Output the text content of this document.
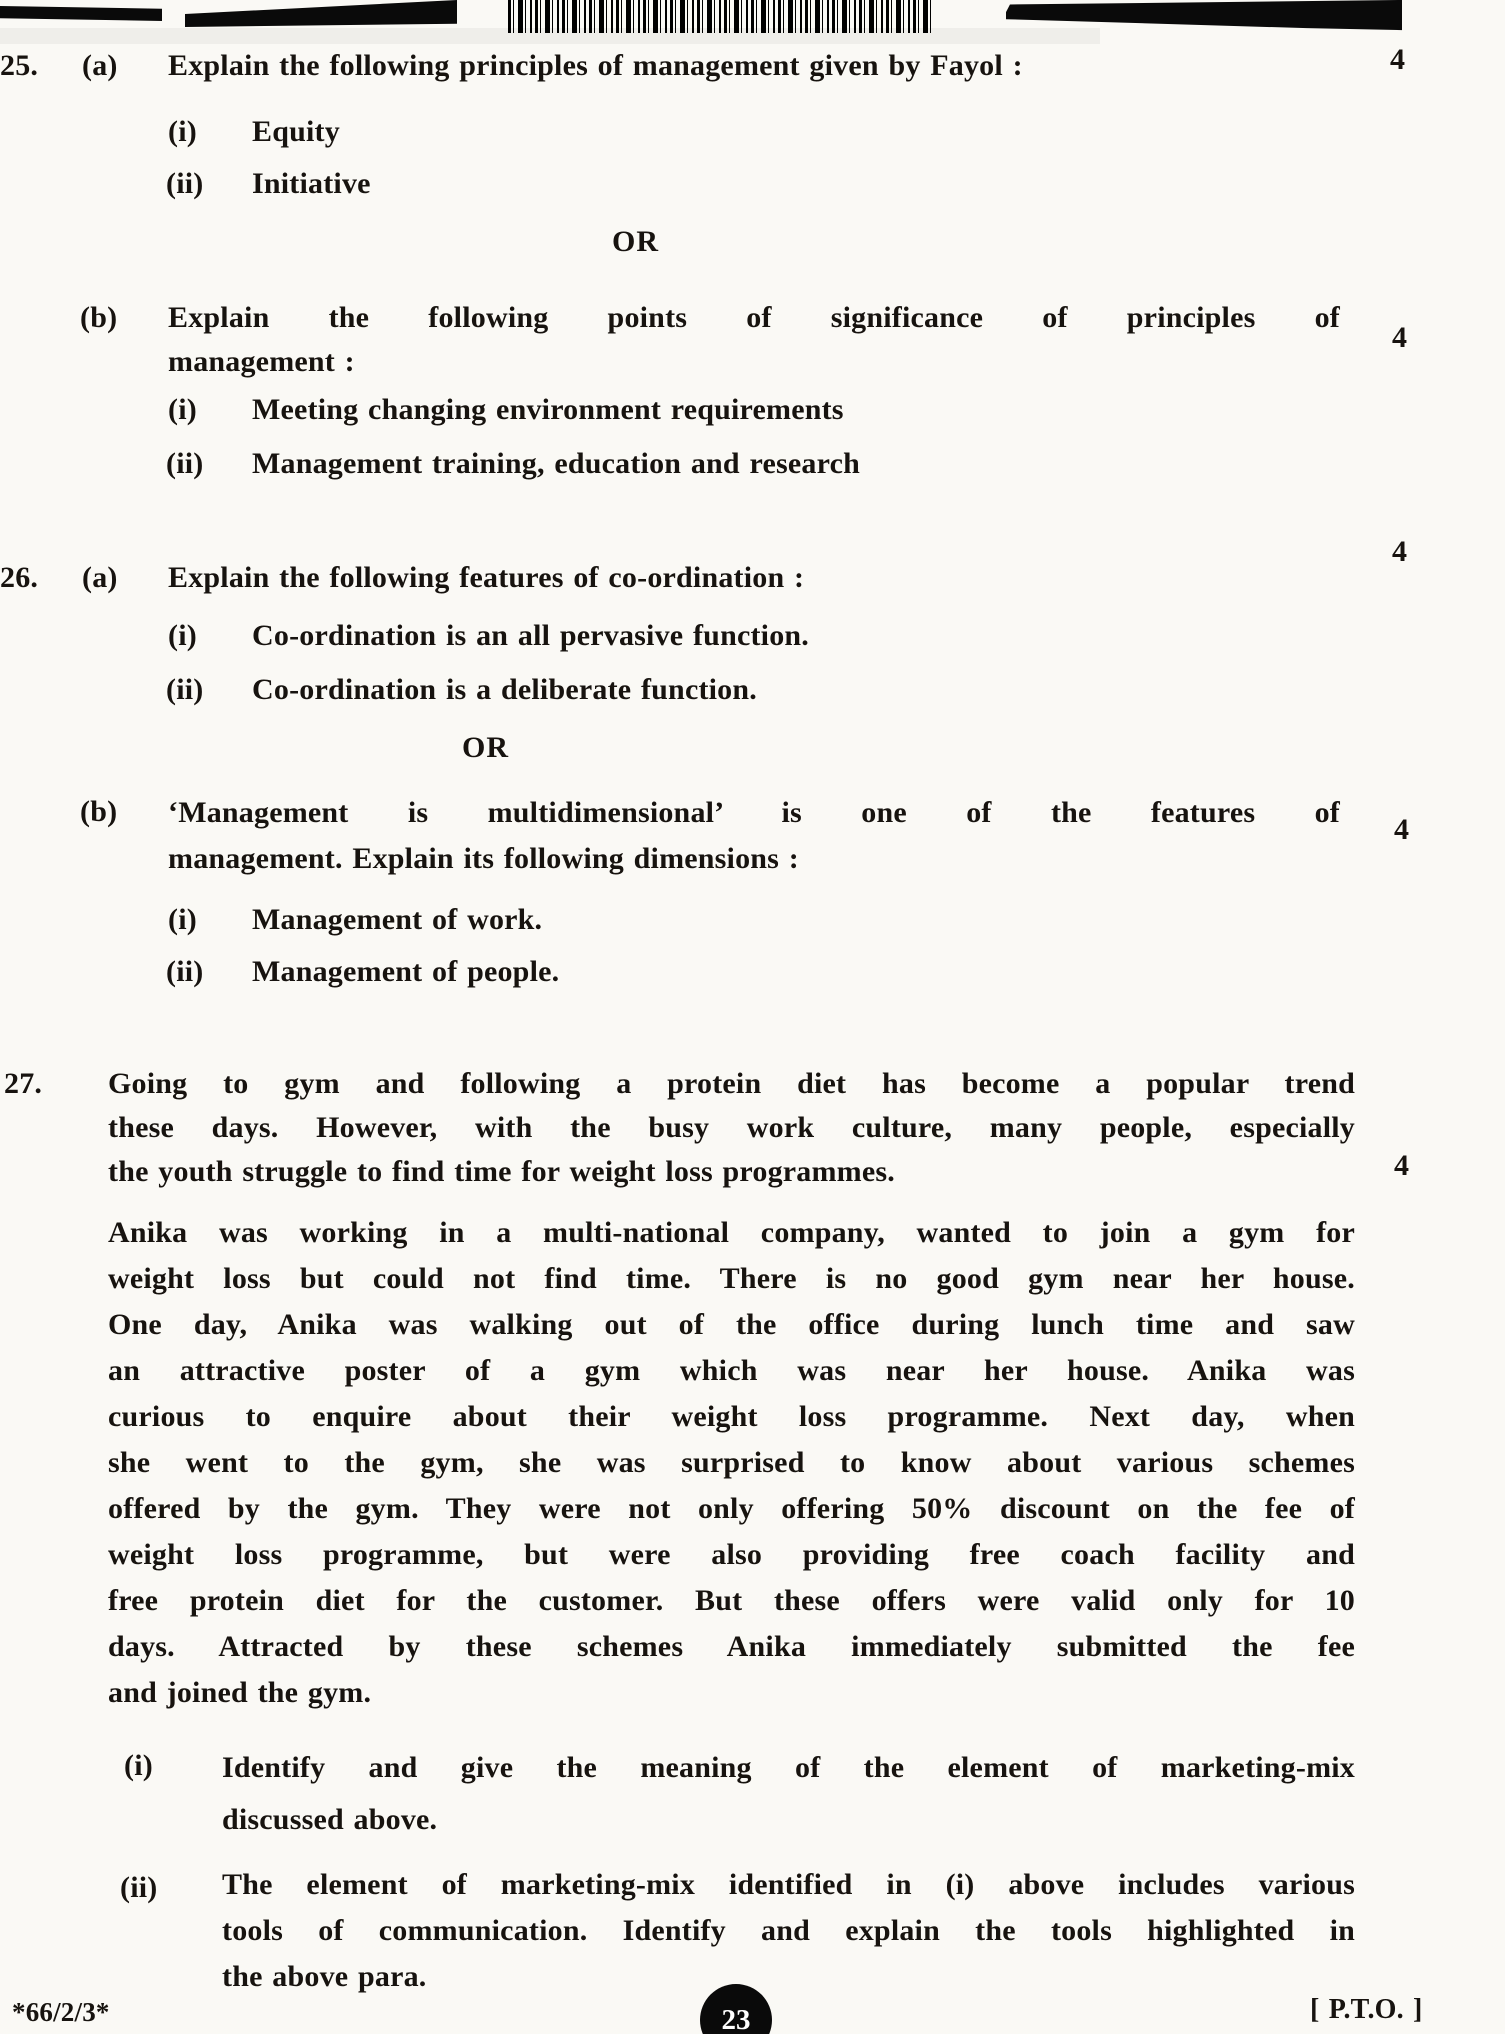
25. (a) Explain the following principles of management given by Fayol :	4
(i) Equity
(ii) Initiative
OR
(b) Explain the following points of significance of principles of
management :
4
(i) Meeting changing environment requirements
(ii) Management training, education and research
26. (a) Explain the following features of co-ordination :
4
(i) Co-ordination is an all pervasive function.
(ii) Co-ordination is a deliberate function.
OR
(b) ‘Management is multidimensional’ is one of the features of
management. Explain its following dimensions :
4
(i) Management of work.
(ii) Management of people.
27. Going to gym and following a protein diet has become a popular trend
these days. However, with the busy work culture, many people, especially
the youth struggle to find time for weight loss programmes.	4
Anika was working in a multi-national company, wanted to join a gym for
weight loss but could not find time. There is no good gym near her house.
One day, Anika was walking out of the office during lunch time and saw
an attractive poster of a gym which was near her house. Anika was
curious to enquire about their weight loss programme. Next day, when
she went to the gym, she was surprised to know about various schemes
offered by the gym. They were not only offering 50% discount on the fee of
weight loss programme, but were also providing free coach facility and
free protein diet for the customer. But these offers were valid only for 10
days. Attracted by these schemes Anika immediately submitted the fee
and joined the gym.
(i) Identify and give the meaning of the element of marketing-mix
discussed above.
(ii) The element of marketing-mix identified in (i) above includes various
tools of communication. Identify and explain the tools highlighted in
the above para.
*66/2/3*	23	[ P.T.O. ]
